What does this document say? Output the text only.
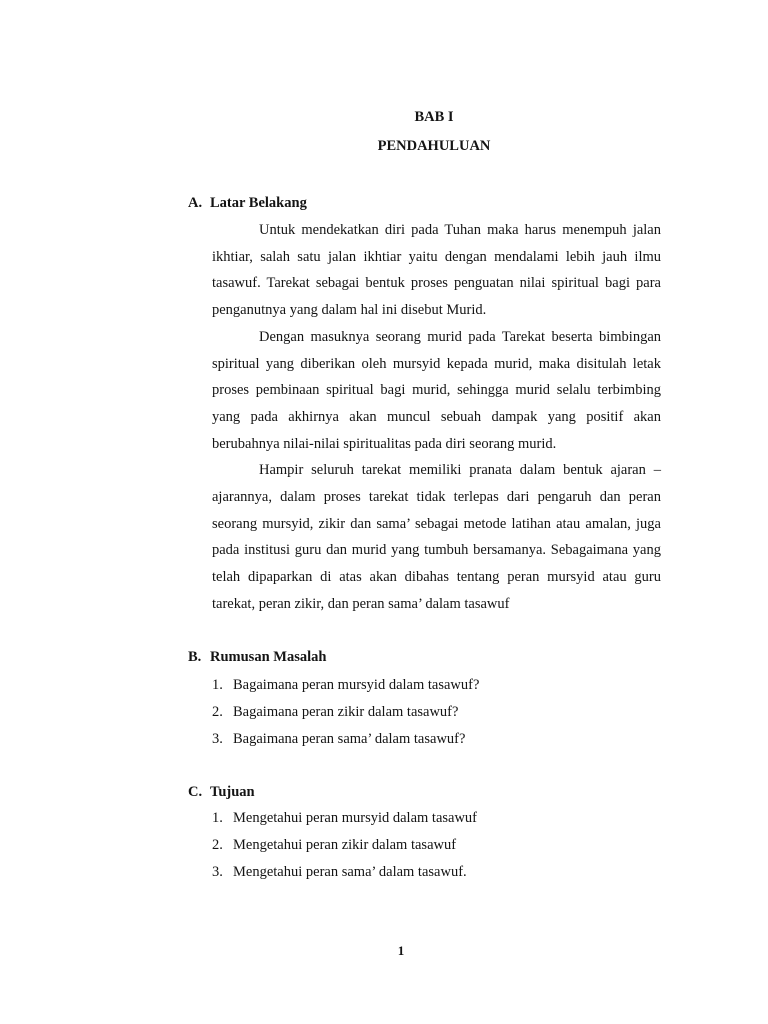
BAB I
PENDAHULUAN
A. Latar Belakang

Untuk mendekatkan diri pada Tuhan maka harus menempuh jalan ikhtiar, salah satu jalan ikhtiar yaitu dengan mendalami lebih jauh ilmu tasawuf. Tarekat sebagai bentuk proses penguatan nilai spiritual bagi para penganutnya yang dalam hal ini disebut Murid.

Dengan masuknya seorang murid pada Tarekat beserta bimbingan spiritual yang diberikan oleh mursyid kepada murid, maka disitulah letak proses pembinaan spiritual bagi murid, sehingga murid selalu terbimbing yang pada akhirnya akan muncul sebuah dampak yang positif akan berubahnya nilai-nilai spiritualitas pada diri seorang murid.

Hampir seluruh tarekat memiliki pranata dalam bentuk ajaran – ajarannya, dalam proses tarekat tidak terlepas dari pengaruh dan peran seorang mursyid, zikir dan sama’ sebagai metode latihan atau amalan, juga pada institusi guru dan murid yang tumbuh bersamanya. Sebagaimana yang telah dipaparkan di atas akan dibahas tentang peran mursyid atau guru tarekat, peran zikir, dan peran sama’ dalam tasawuf

B. Rumusan Masalah
1. Bagaimana peran mursyid dalam tasawuf?
2. Bagaimana peran zikir dalam tasawuf?
3. Bagaimana peran sama’ dalam tasawuf?
C. Tujuan
1. Mengetahui peran mursyid dalam tasawuf
2. Mengetahui peran zikir dalam tasawuf
3. Mengetahui peran sama’ dalam tasawuf.
1
